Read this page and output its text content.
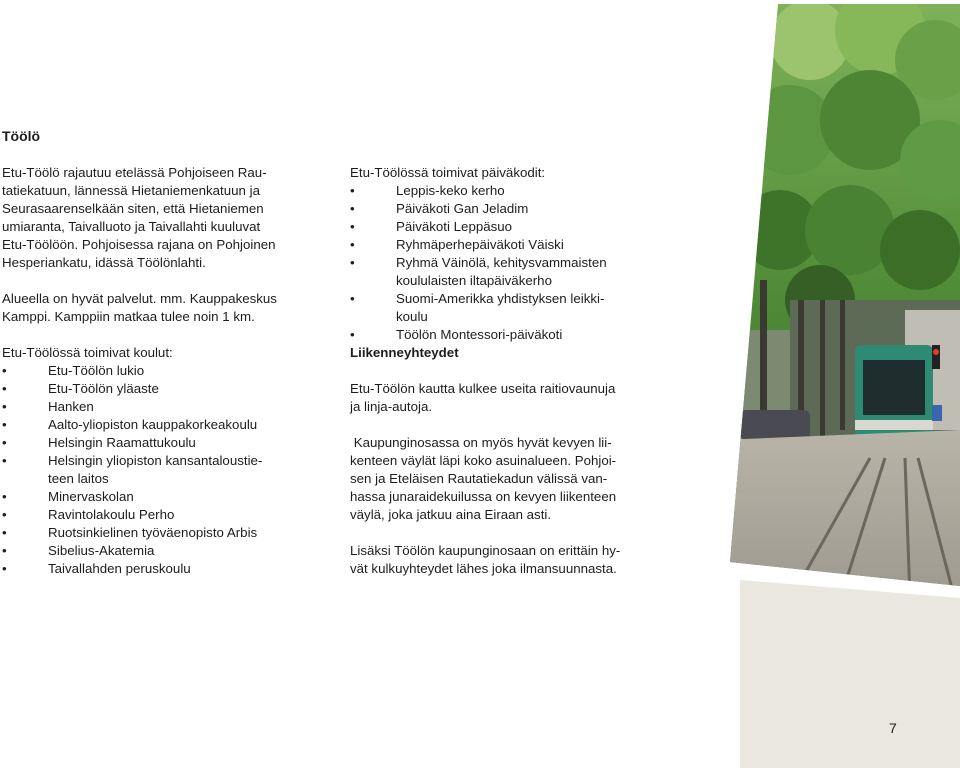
Töölö

Etu-Töölö rajautuu etelässä Pohjoiseen Rau-
tatiekatuun, lännessä Hietaniemenkatuun ja
Seurasaarenselkään siten, että Hietaniemen
umiaranta, Taivalluoto ja Taivallahti kuuluvat
Etu-Töölöön. Pohjoisessa rajana on Pohjoinen
Hesperiankatu, idässä Töölönlahti.

Alueella on hyvät palvelut. mm. Kauppakeskus
Kamppi. Kamppiin matkaa tulee noin 1 km.

Etu-Töölössä toimivat koulut:

• Etu-Töölön lukio
• Etu-Töölön yläaste
• Hanken
• Aalto-yliopiston kauppakorkeakoulu
• Helsingin Raamattukoulu
• Helsingin yliopiston kansantaloustie-
teen laitos
• Minervaskolan
• Ravintolakoulu Perho
• Ruotsinkielinen työväenopisto Arbis
• Sibelius-Akatemia
• Taivallahden peruskoulu

Etu-Töölössä toimivat päiväkodit:

• Leppis-keko kerho
• Päiväkoti Gan Jeladim
• Päiväkoti Leppäsuo
• Ryhmäperhepäiväkoti Väiski
• Ryhmä Väinölä, kehitysvammaisten
koululaisten iltapäiväkerho
• Suomi-Amerikka yhdistyksen leikki-
koulu
• Töölön Montessori-päiväkoti

Liikenneyhteydet

Etu-Töölön kautta kulkee useita raitiovaunuja
ja linja-autoja.

Kaupunginosassa on myös hyvät kevyen lii-
kenteen väylät läpi koko asuinalueen. Pohjoi-
sen ja Eteläisen Rautatiekadun välissä van-
hassa junaraidekuilussa on kevyen liikenteen
väylä, joka jatkuu aina Eiraan asti.

Lisäksi Töölön kaupunginosaan on erittäin hy-
vät kulkuyhteydet lähes joka ilmansuunnasta.

7
